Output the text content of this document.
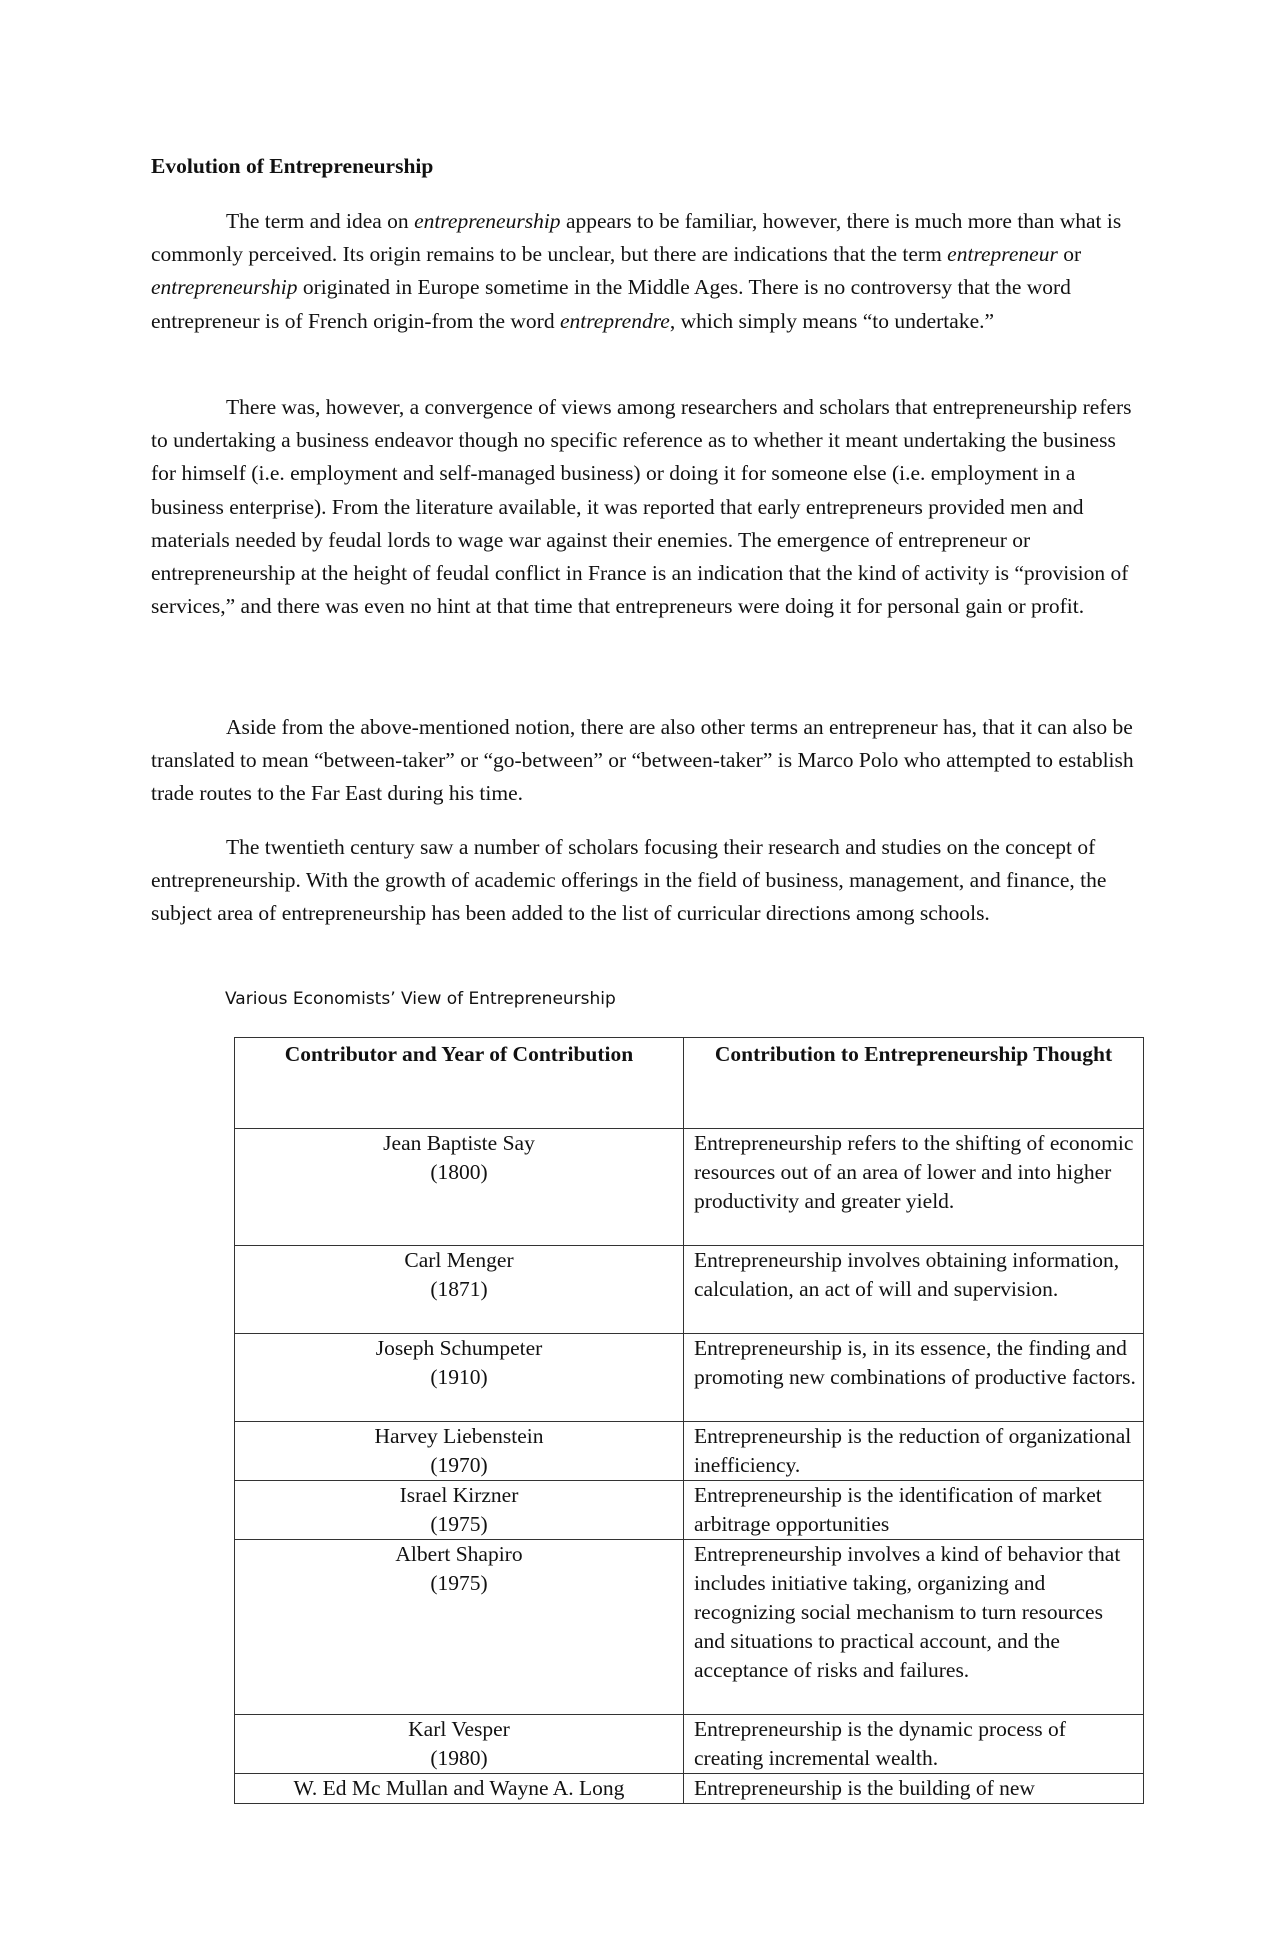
Evolution of Entrepreneurship

The term and idea on entrepreneurship appears to be familiar, however, there is much more than what is commonly perceived. Its origin remains to be unclear, but there are indications that the term entrepreneur or entrepreneurship originated in Europe sometime in the Middle Ages. There is no controversy that the word entrepreneur is of French origin-from the word entreprendre, which simply means “to undertake.”

There was, however, a convergence of views among researchers and scholars that entrepreneurship refers to undertaking a business endeavor though no specific reference as to whether it meant undertaking the business for himself (i.e. employment and self-managed business) or doing it for someone else (i.e. employment in a business enterprise). From the literature available, it was reported that early entrepreneurs provided men and materials needed by feudal lords to wage war against their enemies. The emergence of entrepreneur or entrepreneurship at the height of feudal conflict in France is an indication that the kind of activity is “provision of services,” and there was even no hint at that time that entrepreneurs were doing it for personal gain or profit.

Aside from the above-mentioned notion, there are also other terms an entrepreneur has, that it can also be translated to mean “between-taker” or “go-between” or “between-taker” is Marco Polo who attempted to establish trade routes to the Far East during his time.

The twentieth century saw a number of scholars focusing their research and studies on the concept of entrepreneurship. With the growth of academic offerings in the field of business, management, and finance, the subject area of entrepreneurship has been added to the list of curricular directions among schools.

Various Economists’ View of Entrepreneurship

Contributor and Year of Contribution	Contribution to Entrepreneurship Thought

Jean Baptiste Say
(1800)	Entrepreneurship refers to the shifting of economic resources out of an area of lower and into higher productivity and greater yield.

Carl Menger
(1871)	Entrepreneurship involves obtaining information, calculation, an act of will and supervision.

Joseph Schumpeter
(1910)	Entrepreneurship is, in its essence, the finding and promoting new combinations of productive factors.

Harvey Liebenstein
(1970)	Entrepreneurship is the reduction of organizational inefficiency.

Israel Kirzner
(1975)	Entrepreneurship is the identification of market arbitrage opportunities

Albert Shapiro
(1975)	Entrepreneurship involves a kind of behavior that includes initiative taking, organizing and recognizing social mechanism to turn resources and situations to practical account, and the acceptance of risks and failures.

Karl Vesper
(1980)	Entrepreneurship is the dynamic process of creating incremental wealth.

W. Ed Mc Mullan and Wayne A. Long	Entrepreneurship is the building of new
